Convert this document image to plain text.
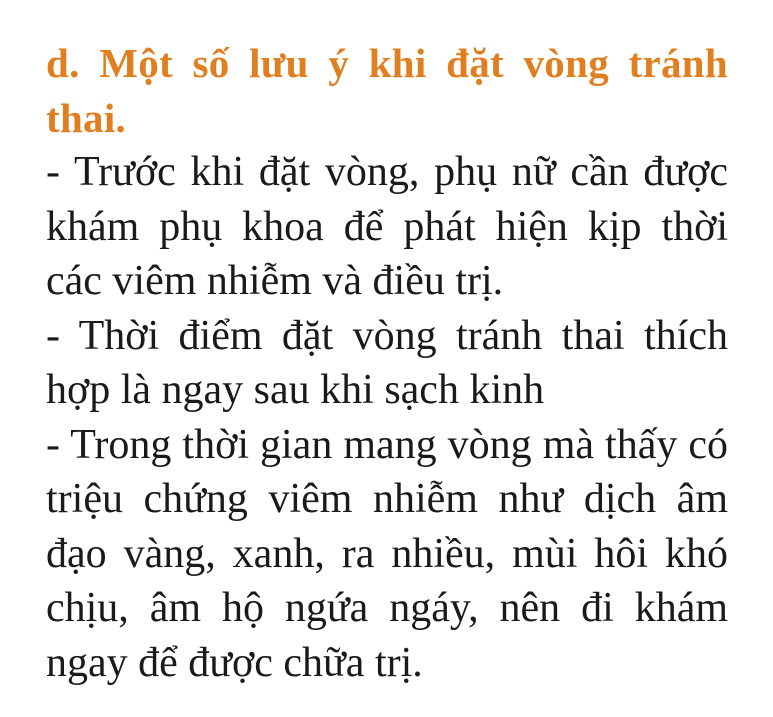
d. Một số lưu ý khi đặt vòng tránh thai.

- Trước khi đặt vòng, phụ nữ cần được khám phụ khoa để phát hiện kịp thời các viêm nhiễm và điều trị.

- Thời điểm đặt vòng tránh thai thích hợp là ngay sau khi sạch kinh

- Trong thời gian mang vòng mà thấy có triệu chứng viêm nhiễm như dịch âm đạo vàng, xanh, ra nhiều, mùi hôi khó chịu, âm hộ ngứa ngáy, nên đi khám ngay để được chữa trị.
